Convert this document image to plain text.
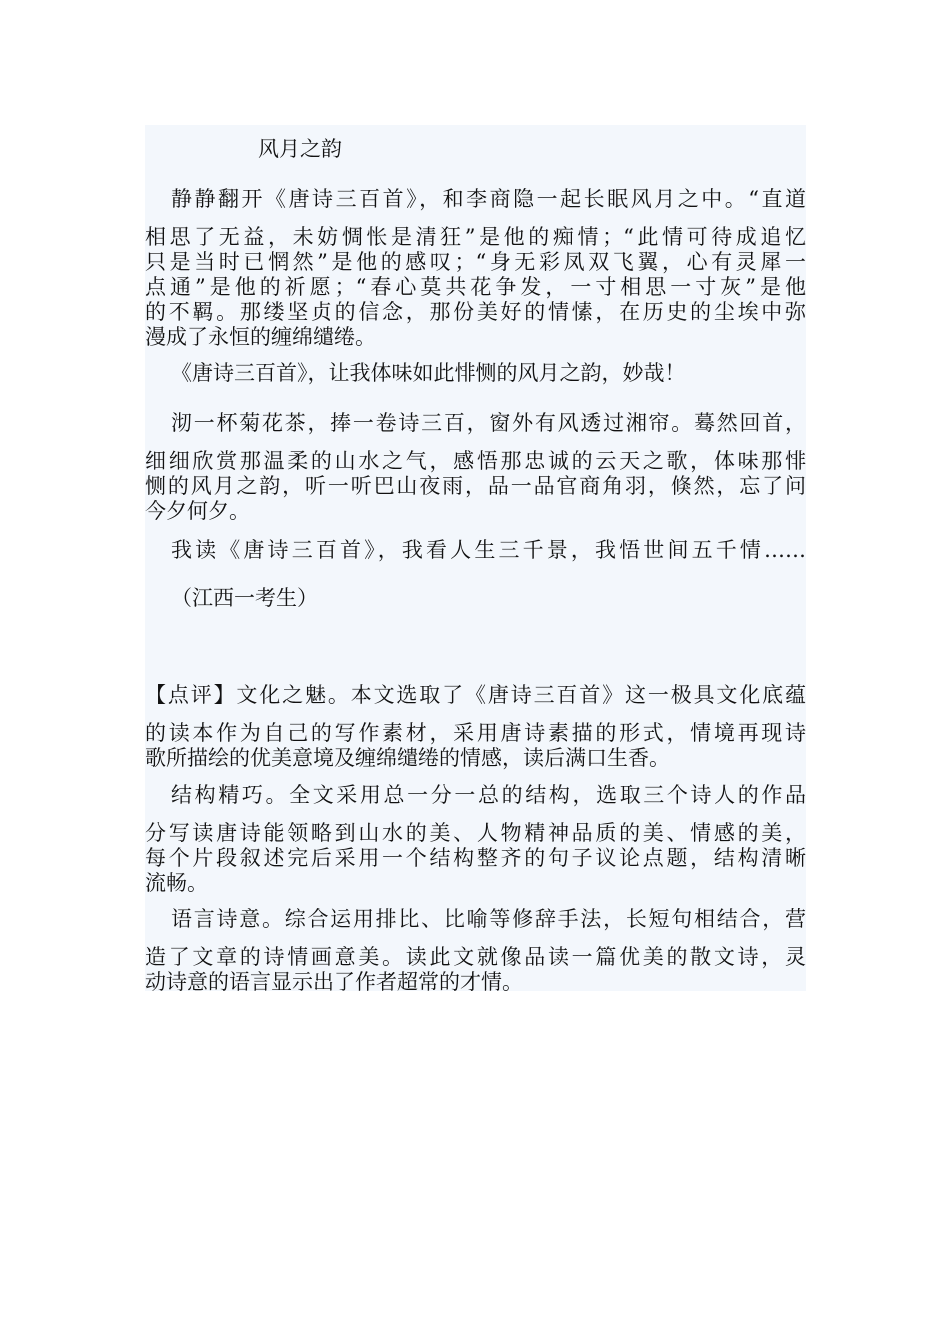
风月之韵
静静翻开《唐诗三百首》，和李商隐一起长眠风月之中。“直道
相思了无益，未妨惆怅是清狂”是他的痴情；“此情可待成追忆
只是当时已惘然”是他的感叹；“身无彩凤双飞翼，心有灵犀一
点通”是他的祈愿；“春心莫共花争发，一寸相思一寸灰”是他
的不羁。那缕坚贞的信念，那份美好的情愫，在历史的尘埃中弥
漫成了永恒的缠绵缱绻。
《唐诗三百首》，让我体味如此悱恻的风月之韵，妙哉！
沏一杯菊花茶，捧一卷诗三百，窗外有风透过湘帘。蓦然回首，
细细欣赏那温柔的山水之气，感悟那忠诚的云天之歌，体味那悱
恻的风月之韵，听一听巴山夜雨，品一品官商角羽，倏然，忘了问
今夕何夕。
我读《唐诗三百首》，我看人生三千景，我悟世间五千情……
（江西一考生）
【点评】文化之魅。本文选取了《唐诗三百首》这一极具文化底蕴
的读本作为自己的写作素材，采用唐诗素描的形式，情境再现诗
歌所描绘的优美意境及缠绵缱绻的情感，读后满口生香。
结构精巧。全文采用总一分一总的结构，选取三个诗人的作品
分写读唐诗能领略到山水的美、人物精神品质的美、情感的美，
每个片段叙述完后采用一个结构整齐的句子议论点题，结构清晰
流畅。
语言诗意。综合运用排比、比喻等修辞手法，长短句相结合，营
造了文章的诗情画意美。读此文就像品读一篇优美的散文诗，灵
动诗意的语言显示出了作者超常的才情。
